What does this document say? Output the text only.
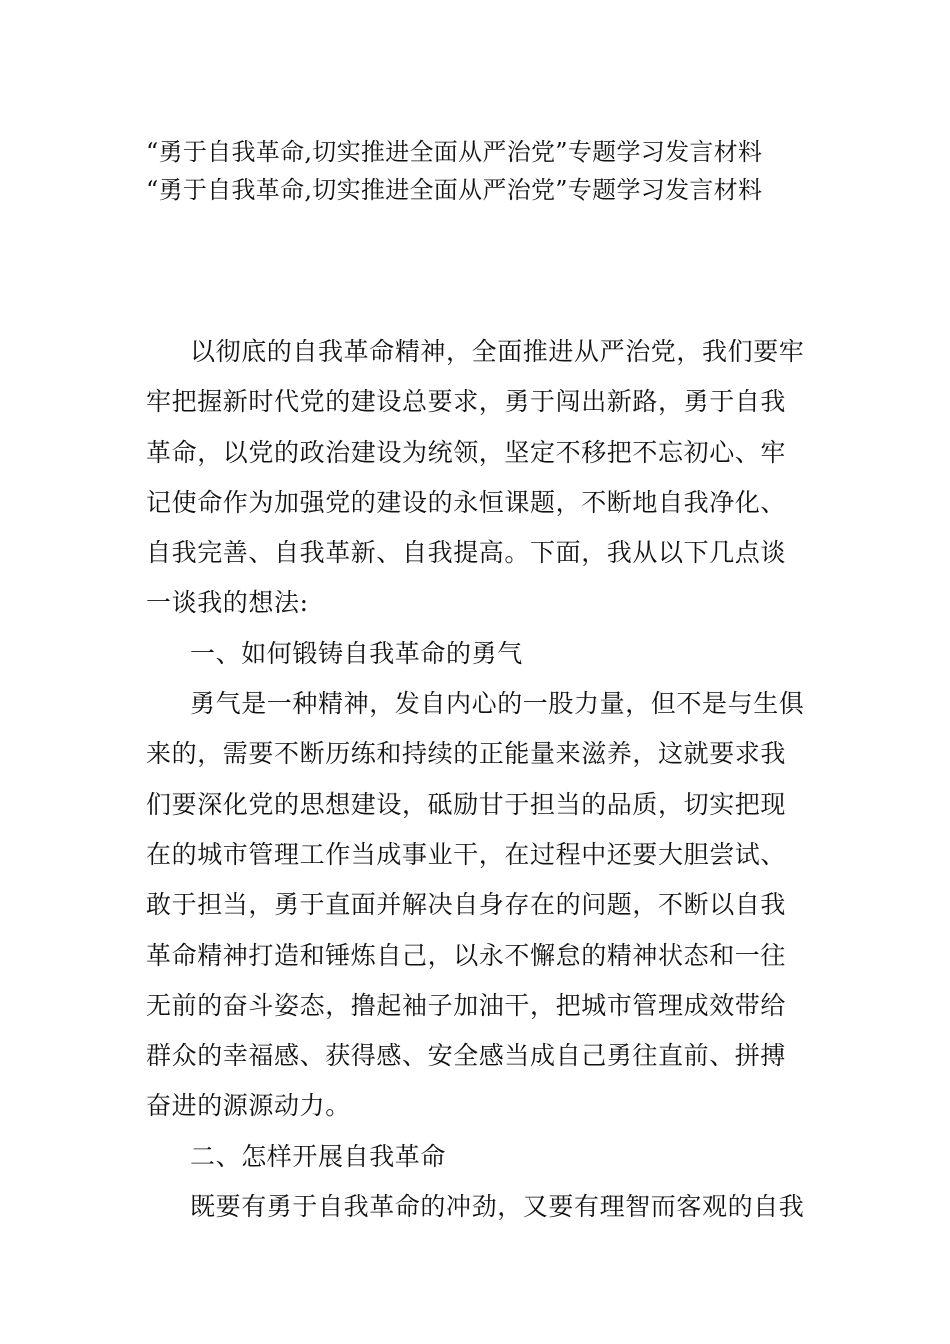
“勇于自我革命,切实推进全面从严治党”专题学习发言材料
“勇于自我革命,切实推进全面从严治党”专题学习发言材料
以彻底的自我革命精神，全面推进从严治党，我们要牢
牢把握新时代党的建设总要求，勇于闯出新路，勇于自我
革命，以党的政治建设为统领，坚定不移把不忘初心、牢
记使命作为加强党的建设的永恒课题，不断地自我净化、
自我完善、自我革新、自我提高。下面，我从以下几点谈
一谈我的想法:
一、如何锻铸自我革命的勇气
勇气是一种精神，发自内心的一股力量，但不是与生俱
来的，需要不断历练和持续的正能量来滋养，这就要求我
们要深化党的思想建设，砥励甘于担当的品质，切实把现
在的城市管理工作当成事业干，在过程中还要大胆尝试、
敢于担当，勇于直面并解决自身存在的问题，不断以自我
革命精神打造和锤炼自己，以永不懈怠的精神状态和一往
无前的奋斗姿态，撸起袖子加油干，把城市管理成效带给
群众的幸福感、获得感、安全感当成自己勇往直前、拼搏
奋进的源源动力。
二、怎样开展自我革命
既要有勇于自我革命的冲劲，又要有理智而客观的自我
